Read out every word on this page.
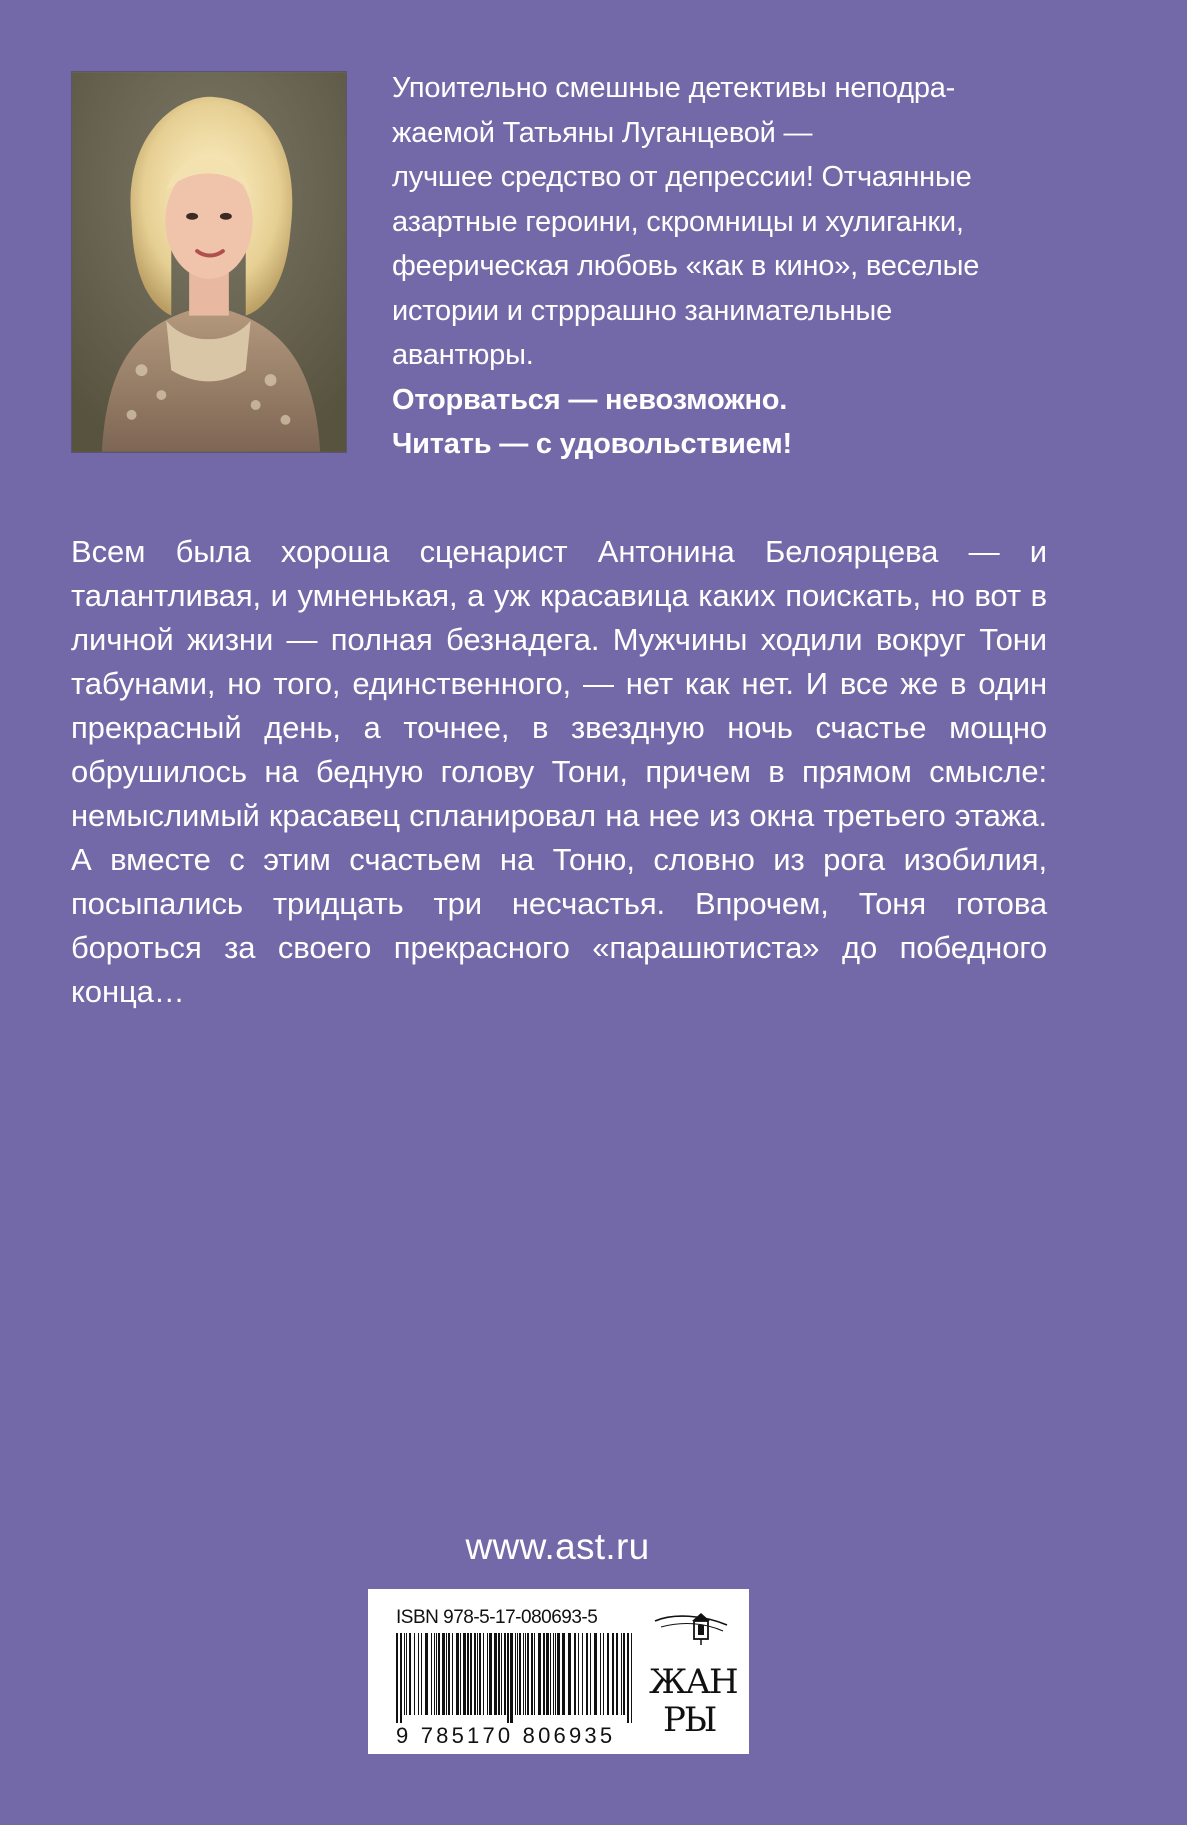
Упоительно смешные детективы неподра-

жаемой Татьяны Луганцевой —

лучшее средство от депрессии! Отчаянные

азартные героини, скромницы и хулиганки,

феерическая любовь «как в кино», веселые

истории и стрррашно занимательные

авантюры.

Оторваться — невозможно.

Читать — с удовольствием!

Всем была хороша сценарист Антонина Белоярцева — и талантливая, и умненькая, а уж красавица каких поискать, но вот в личной жизни — полная безнадега. Мужчины ходили вокруг Тони табунами, но того, единственного, — нет как нет. И все же в один прекрасный день, а точнее, в звездную ночь счастье мощно обрушилось на бедную голову Тони, причем в прямом смысле: немыслимый красавец спланировал на нее из окна третьего этажа. А вместе с этим счастьем на Тоню, словно из рога изобилия, посыпались тридцать три несчастья. Впрочем, Тоня готова бороться за своего прекрасного «парашютиста» до победного конца…
www.ast.ru
ISBN 978-5-17-080693-5
9 785170 806935
ЖАН
РЫ
